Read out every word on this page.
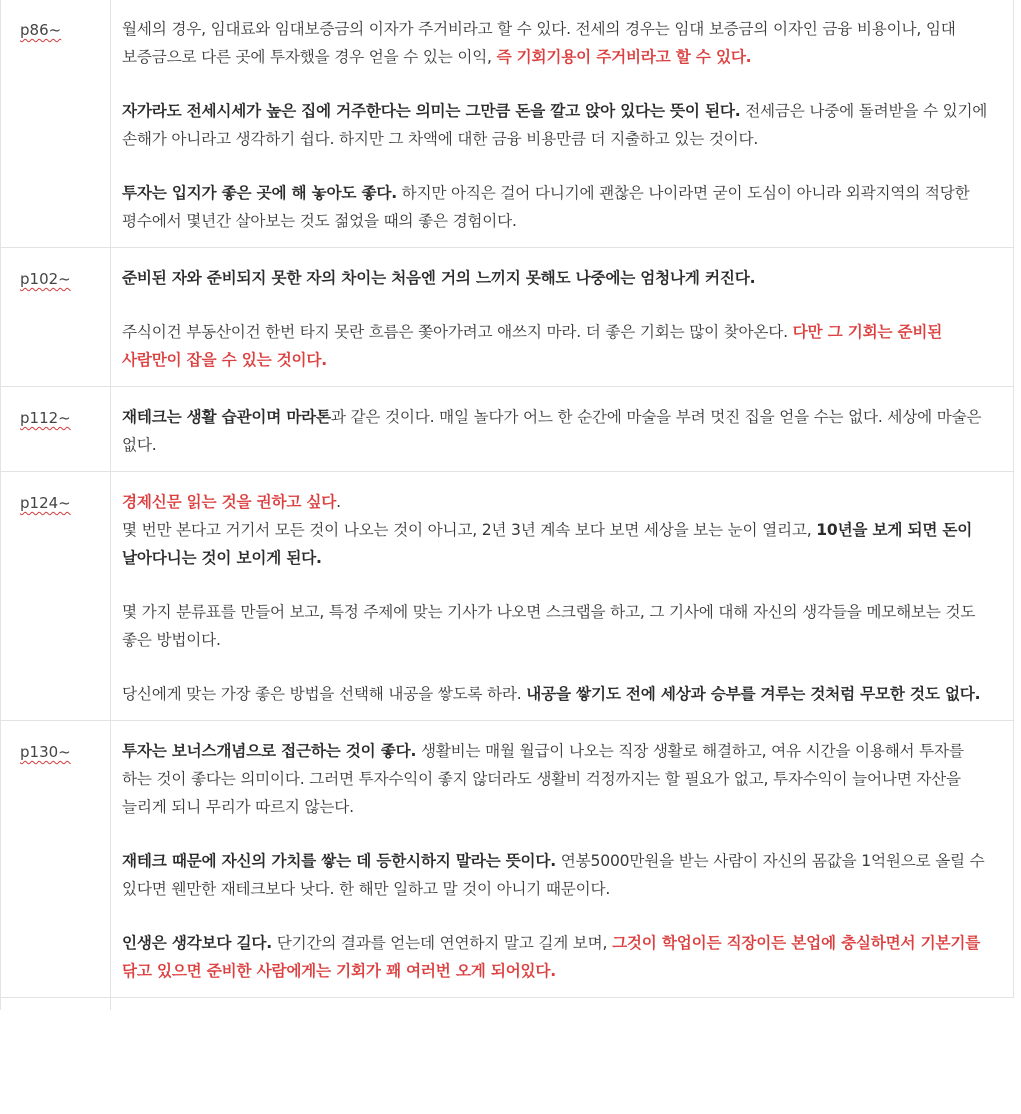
p86~	월세의 경우, 임대료와 임대보증금의 이자가 주거비라고 할 수 있다. 전세의 경우는 임대 보증금의 이자인 금융 비용이나, 임대 보증금으로 다른 곳에 투자했을 경우 얻을 수 있는 이익, 즉 기회기용이 주거비라고 할 수 있다.

자가라도 전세시세가 높은 집에 거주한다는 의미는 그만큼 돈을 깔고 앉아 있다는 뜻이 된다. 전세금은 나중에 돌려받을 수 있기에 손해가 아니라고 생각하기 쉽다. 하지만 그 차액에 대한 금융 비용만큼 더 지출하고 있는 것이다.

투자는 입지가 좋은 곳에 해 놓아도 좋다. 하지만 아직은 걸어 다니기에 괜찮은 나이라면 굳이 도심이 아니라 외곽지역의 적당한 평수에서 몇년간 살아보는 것도 젊었을 때의 좋은 경험이다.

p102~	준비된 자와 준비되지 못한 자의 차이는 처음엔 거의 느끼지 못해도 나중에는 엄청나게 커진다.

주식이건 부동산이건 한번 타지 못란 흐름은 쫓아가려고 애쓰지 마라. 더 좋은 기회는 많이 찾아온다. 다만 그 기회는 준비된 사람만이 잡을 수 있는 것이다.

p112~	재테크는 생활 습관이며 마라톤과 같은 것이다. 매일 놀다가 어느 한 순간에 마술을 부려 멋진 집을 얻을 수는 없다. 세상에 마술은 없다.

p124~	경제신문 읽는 것을 권하고 싶다.
몇 번만 본다고 거기서 모든 것이 나오는 것이 아니고, 2년 3년 계속 보다 보면 세상을 보는 눈이 열리고, 10년을 보게 되면 돈이 날아다니는 것이 보이게 된다.

몇 가지 분류표를 만들어 보고, 특정 주제에 맞는 기사가 나오면 스크랩을 하고, 그 기사에 대해 자신의 생각들을 메모해보는 것도 좋은 방법이다.

당신에게 맞는 가장 좋은 방법을 선택해 내공을 쌓도록 하라. 내공을 쌓기도 전에 세상과 승부를 겨루는 것처럼 무모한 것도 없다.

p130~	투자는 보너스개념으로 접근하는 것이 좋다. 생활비는 매월 월급이 나오는 직장 생활로 해결하고, 여유 시간을 이용해서 투자를 하는 것이 좋다는 의미이다. 그러면 투자수익이 좋지 않더라도 생활비 걱정까지는 할 필요가 없고, 투자수익이 늘어나면 자산을 늘리게 되니 무리가 따르지 않는다.

재테크 때문에 자신의 가치를 쌓는 데 등한시하지 말라는 뜻이다. 연봉5000만원을 받는 사람이 자신의 몸값을 1억원으로 올릴 수 있다면 웬만한 재테크보다 낫다. 한 해만 일하고 말 것이 아니기 때문이다.

인생은 생각보다 길다. 단기간의 결과를 얻는데 연연하지 말고 길게 보며, 그것이 학업이든 직장이든 본업에 충실하면서 기본기를 닦고 있으면 준비한 사람에게는 기회가 꽤 여러번 오게 되어있다.
